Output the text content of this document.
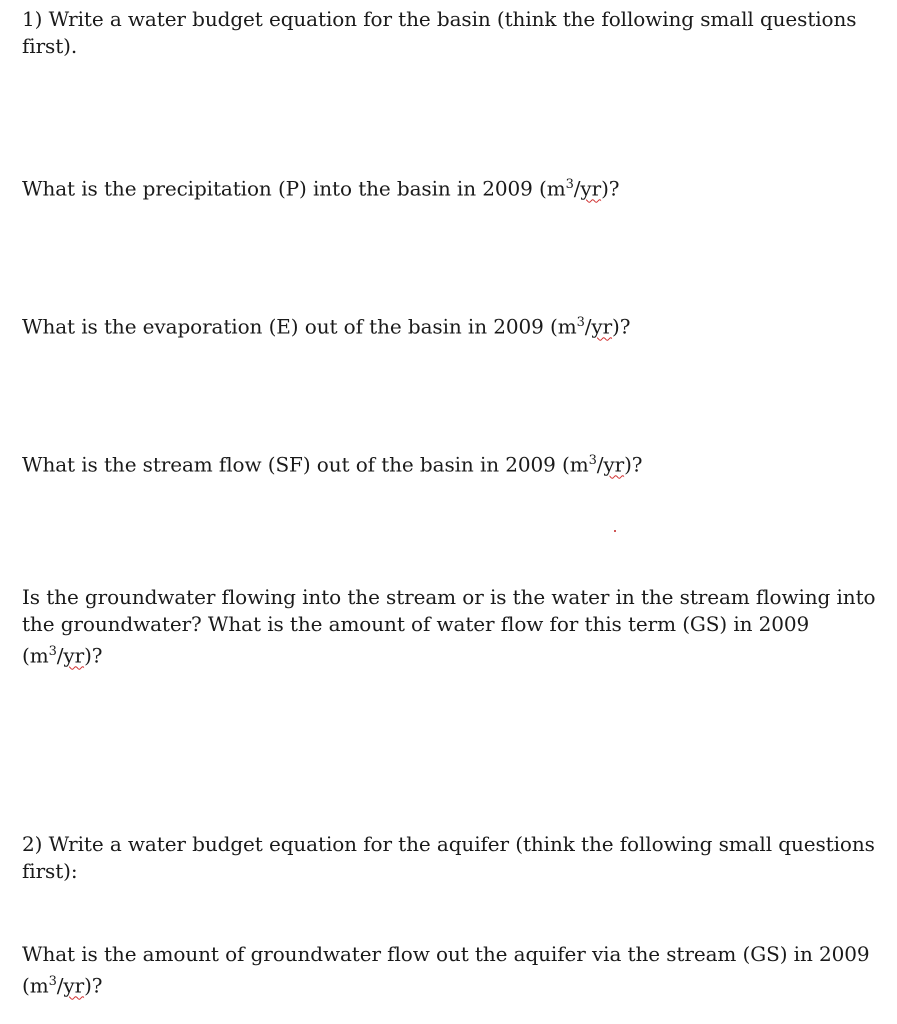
1) Write a water budget equation for the basin (think the following small questions first).

What is the precipitation (P) into the basin in 2009 $(m^3/yr)$?

What is the evaporation (E) out of the basin in 2009 $(m^3/yr)$?

What is the stream flow (SF) out of the basin in 2009 $(m^3/yr)$?

Is the groundwater flowing into the stream or is the water in the stream flowing into the groundwater? What is the amount of water flow for this term (GS) in 2009 $(m^3/yr)$?

2) Write a water budget equation for the aquifer (think the following small questions first):

What is the amount of groundwater flow out the aquifer via the stream (GS) in 2009 $(m^3/yr)$?
